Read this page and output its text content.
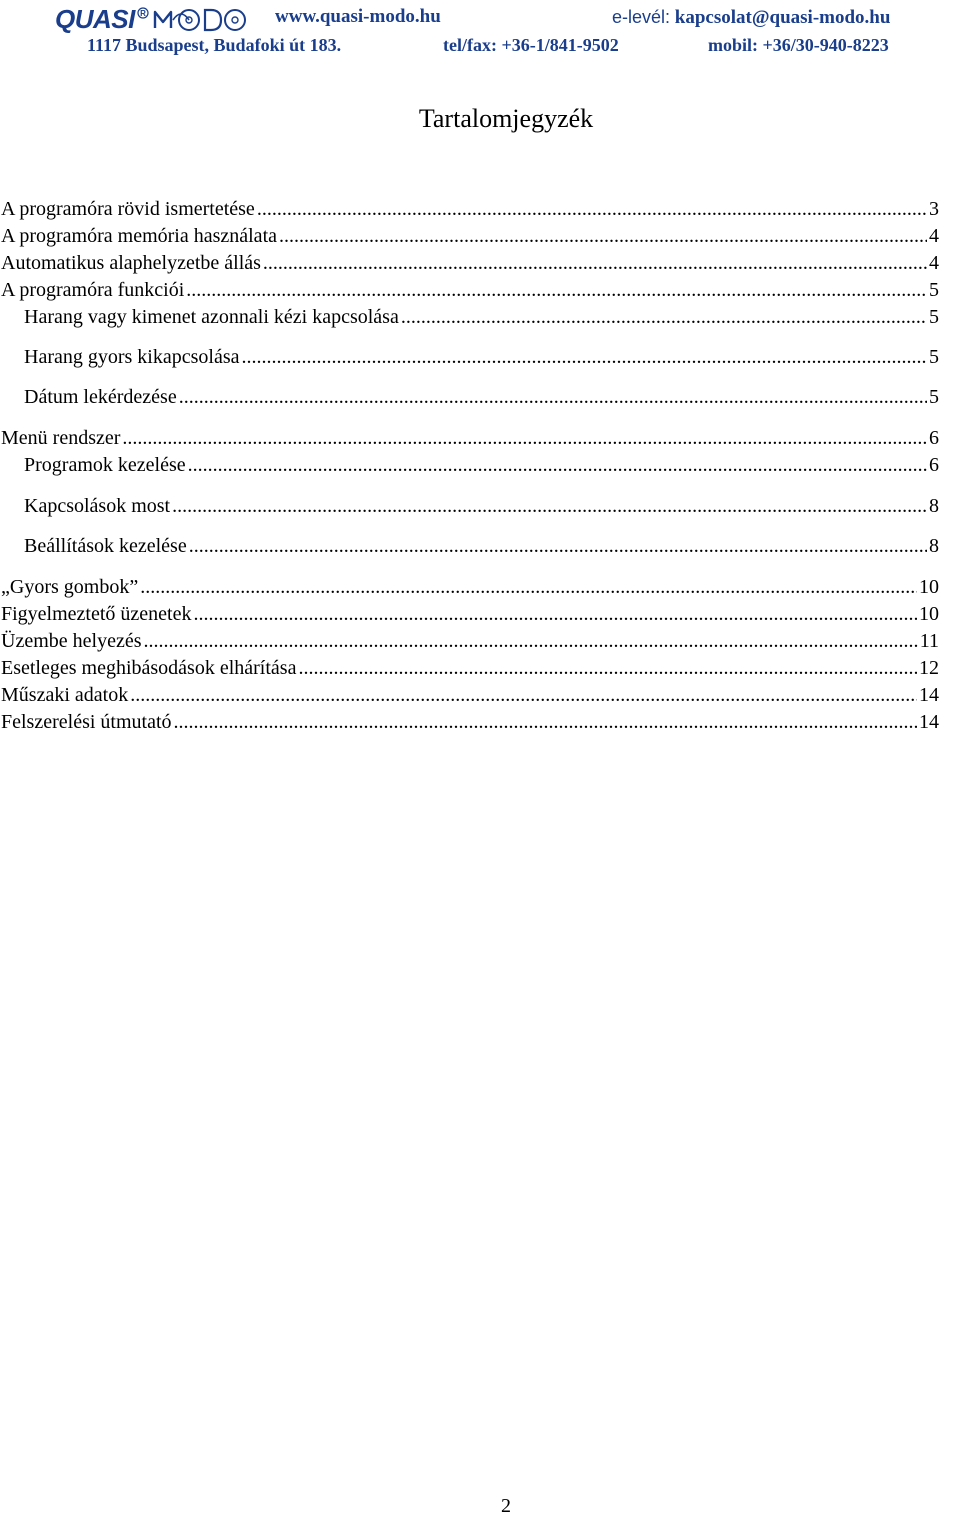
QUASI R	www.quasi-modo.hu	e-levél: kapcsolat@quasi-modo.hu
1117 Budsapest, Budafoki út 183.	tel/fax: +36-1/841-9502	mobil: +36/30-940-8223
Tartalomjegyzék
A programóra rövid ismertetése .....	3
A programóra memória használata .....	4
Automatikus alaphelyzetbe állás .....	4
A programóra funkciói .....	5
Harang vagy kimenet azonnali kézi kapcsolása .....	5
Harang gyors kikapcsolása .....	5
Dátum lekérdezése .....	5
Menü rendszer .....	6
Programok kezelése .....	6
Kapcsolások most .....	8
Beállítások kezelése .....	8
„Gyors gombok” .....	10
Figyelmeztető üzenetek .....	10
Üzembe helyezés .....	11
Esetleges meghibásodások elhárítása .....	12
Műszaki adatok .....	14
Felszerelési útmutató .....	14
2
